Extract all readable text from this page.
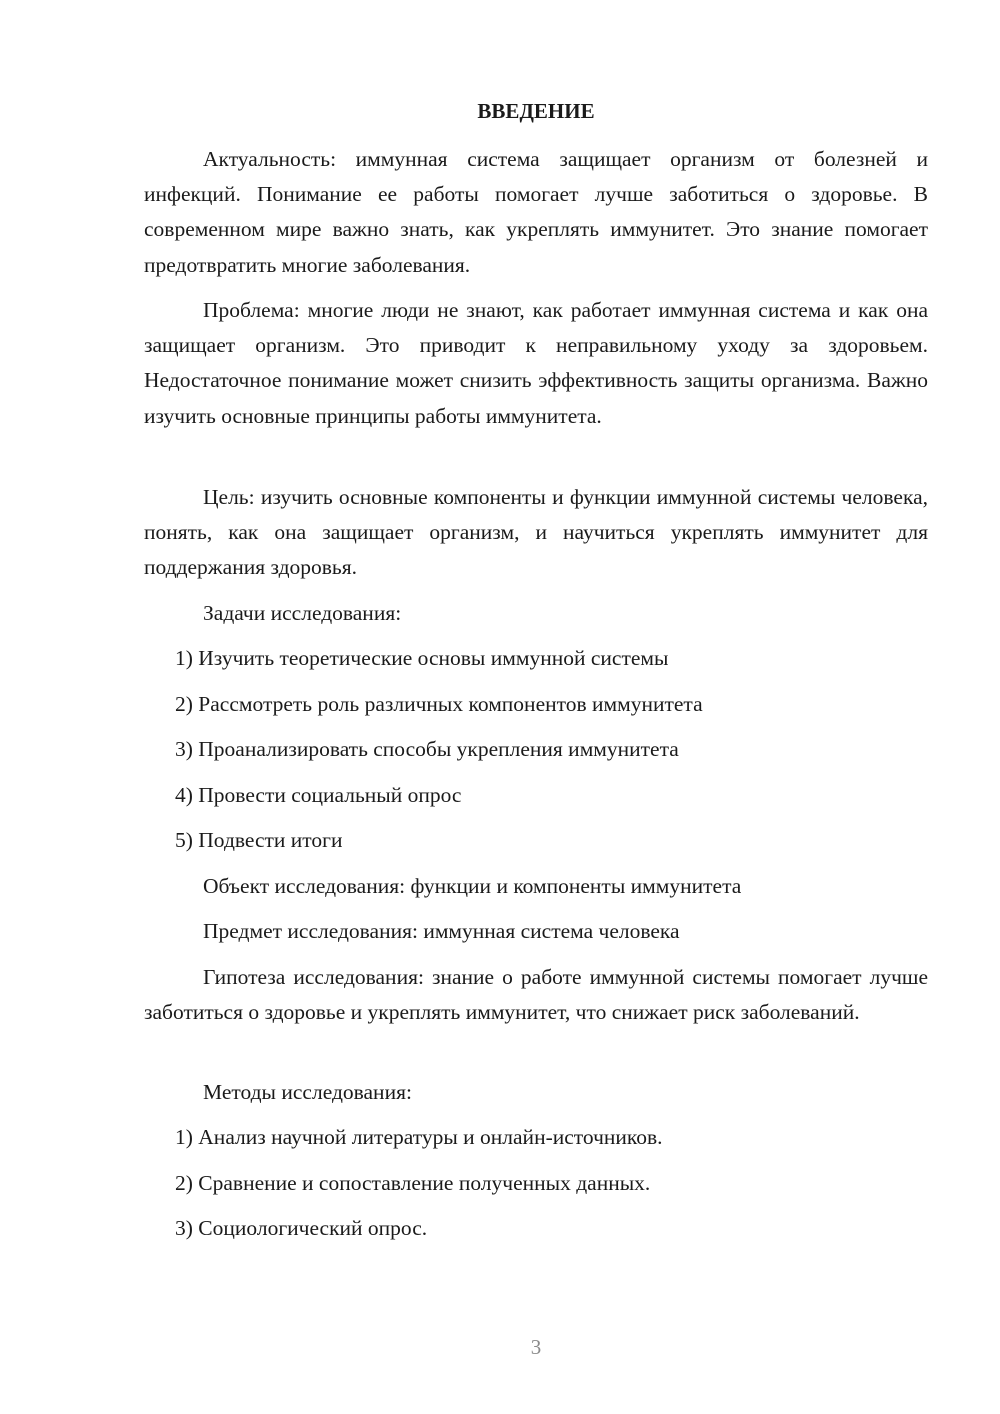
ВВЕДЕНИЕ

Актуальность: иммунная система защищает организм от болезней и инфекций. Понимание ее работы помогает лучше заботиться о здоровье. В современном мире важно знать, как укреплять иммунитет. Это знание помогает предотвратить многие заболевания.

Проблема: многие люди не знают, как работает иммунная система и как она защищает организм. Это приводит к неправильному уходу за здоровьем. Недостаточное понимание может снизить эффективность защиты организма. Важно изучить основные принципы работы иммунитета.

Цель: изучить основные компоненты и функции иммунной системы человека, понять, как она защищает организм, и научиться укреплять иммунитет для поддержания здоровья.

Задачи исследования:

1) Изучить теоретические основы иммунной системы

2) Рассмотреть роль различных компонентов иммунитета

3) Проанализировать способы укрепления иммунитета

4) Провести социальный опрос

5) Подвести итоги

Объект исследования: функции и компоненты иммунитета

Предмет исследования: иммунная система человека

Гипотеза исследования: знание о работе иммунной системы помогает лучше заботиться о здоровье и укреплять иммунитет, что снижает риск заболеваний.

Методы исследования:

1) Анализ научной литературы и онлайн-источников.

2) Сравнение и сопоставление полученных данных.

3) Социологический опрос.

3
